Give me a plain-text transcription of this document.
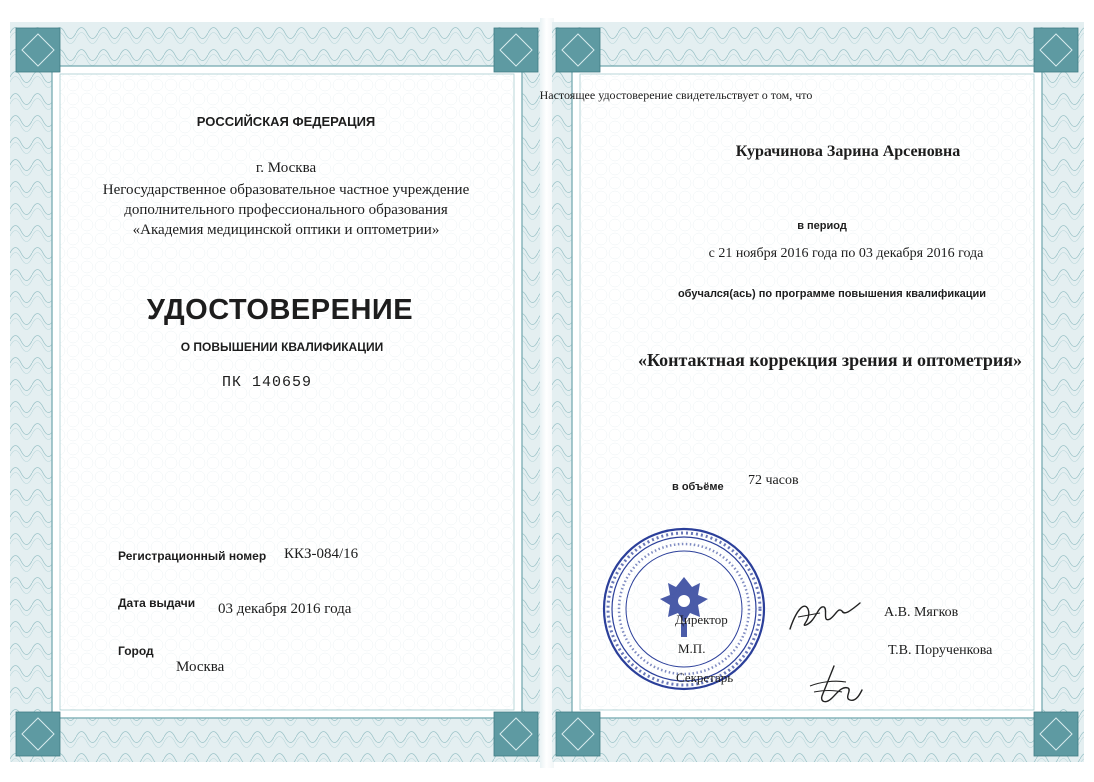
РОССИЙСКАЯ ФЕДЕРАЦИЯ
г. Москва
Негосударственное образовательное частное учреждение
дополнительного профессионального образования
«Академия медицинской оптики и оптометрии»
УДОСТОВЕРЕНИЕ
О ПОВЫШЕНИИ КВАЛИФИКАЦИИ
ПК 140659
Регистрационный номер ККЗ-084/16
Дата выдачи 03 декабря 2016 года
Город
Москва
Настоящее удостоверение свидетельствует о том, что
Курачинова Зарина Арсеновна
в период
с 21 ноября 2016 года по 03 декабря 2016 года
обучался(ась) по программе повышения квалификации
«Контактная коррекция зрения и оптометрия»
в объёме 72 часов
Директор
М.П.
Секретарь
А.В. Мягков
Т.В. Порученкова
